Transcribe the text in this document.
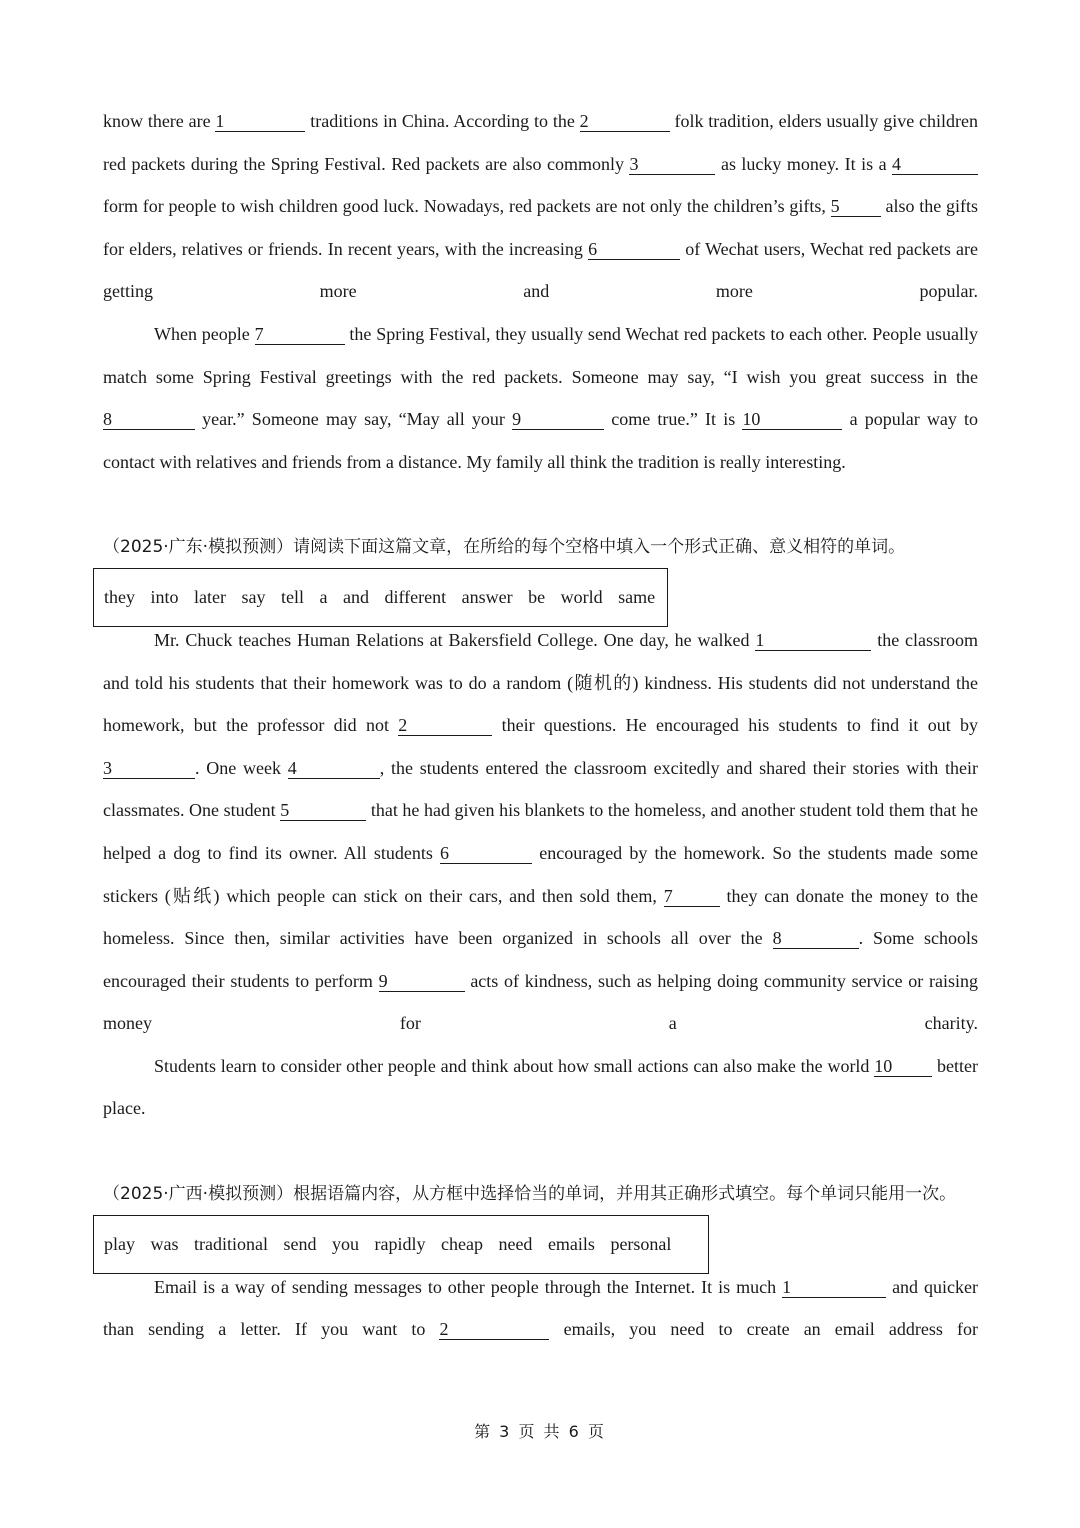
know there are 1	traditions in China. According to the 2	folk tradition, elders usually give children red packets during the Spring Festival. Red packets are also commonly 3	as lucky money. It is a 4 form for people to wish children good luck. Nowadays, red packets are not only the children’s gifts, 5	also the gifts for elders, relatives or friends. In recent years, with the increasing 6	of Wechat users, Wechat red packets are getting more and more popular.

When people 7	the Spring Festival, they usually send Wechat red packets to each other. People usually match some Spring Festival greetings with the red packets. Someone may say, “I wish you great success in the 8	year.” Someone may say, “May all your 9	come true.” It is 10	a popular way to contact with relatives and friends from a distance. My family all think the tradition is really interesting.

（2025·广东·模拟预测）请阅读下面这篇文章，在所给的每个空格中填入一个形式正确、意义相符的单词。

they into later say tell a and different answer be world same

Mr. Chuck teaches Human Relations at Bakersfield College. One day, he walked 1	the classroom and told his students that their homework was to do a random (随机的) kindness. His students did not understand the homework, but the professor did not 2	their questions. He encouraged his students to find it out by 3	. One week 4	, the students entered the classroom excitedly and shared their stories with their classmates. One student 5	that he had given his blankets to the homeless, and another student told them that he helped a dog to find its owner. All students 6	encouraged by the homework. So the students made some stickers (贴纸) which people can stick on their cars, and then sold them, 7	they can donate the money to the homeless. Since then, similar activities have been organized in schools all over the 8	. Some schools encouraged their students to perform 9	acts of kindness, such as helping doing community service or raising money for a charity.

Students learn to consider other people and think about how small actions can also make the world 10 better place.

（2025·广西·模拟预测）根据语篇内容，从方框中选择恰当的单词，并用其正确形式填空。每个单词只能用一次。

play was traditional send you rapidly cheap need emails personal

Email is a way of sending messages to other people through the Internet. It is much 1	and quicker than sending a letter. If you want to 2	emails, you need to create an email address for

第 3 页 共 6 页
